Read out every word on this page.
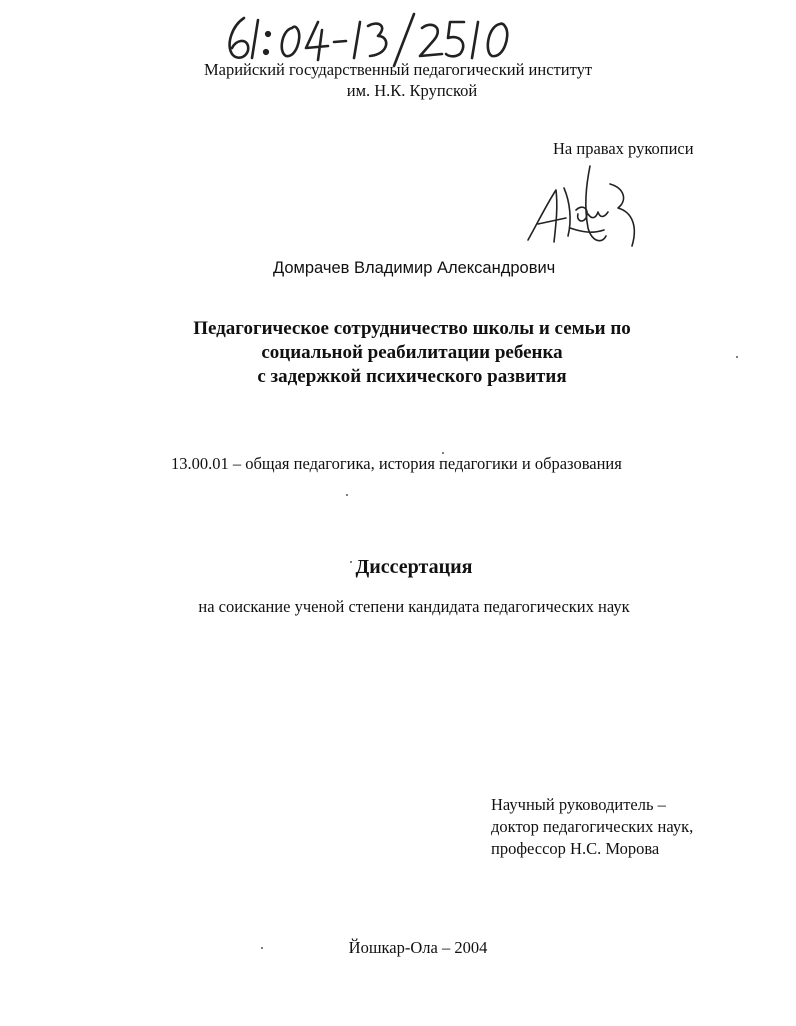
Марийский государственный педагогический институт
им. Н.К. Крупской
На правах рукописи
Домрачев Владимир Александрович
Педагогическое сотрудничество школы и семьи по
социальной реабилитации ребенка
с задержкой психического развития
13.00.01 – общая педагогика, история педагогики и образования
Диссертация
на соискание ученой степени кандидата педагогических наук
Научный руководитель –
доктор педагогических наук,
профессор Н.С. Морова
Йошкар-Ола – 2004
